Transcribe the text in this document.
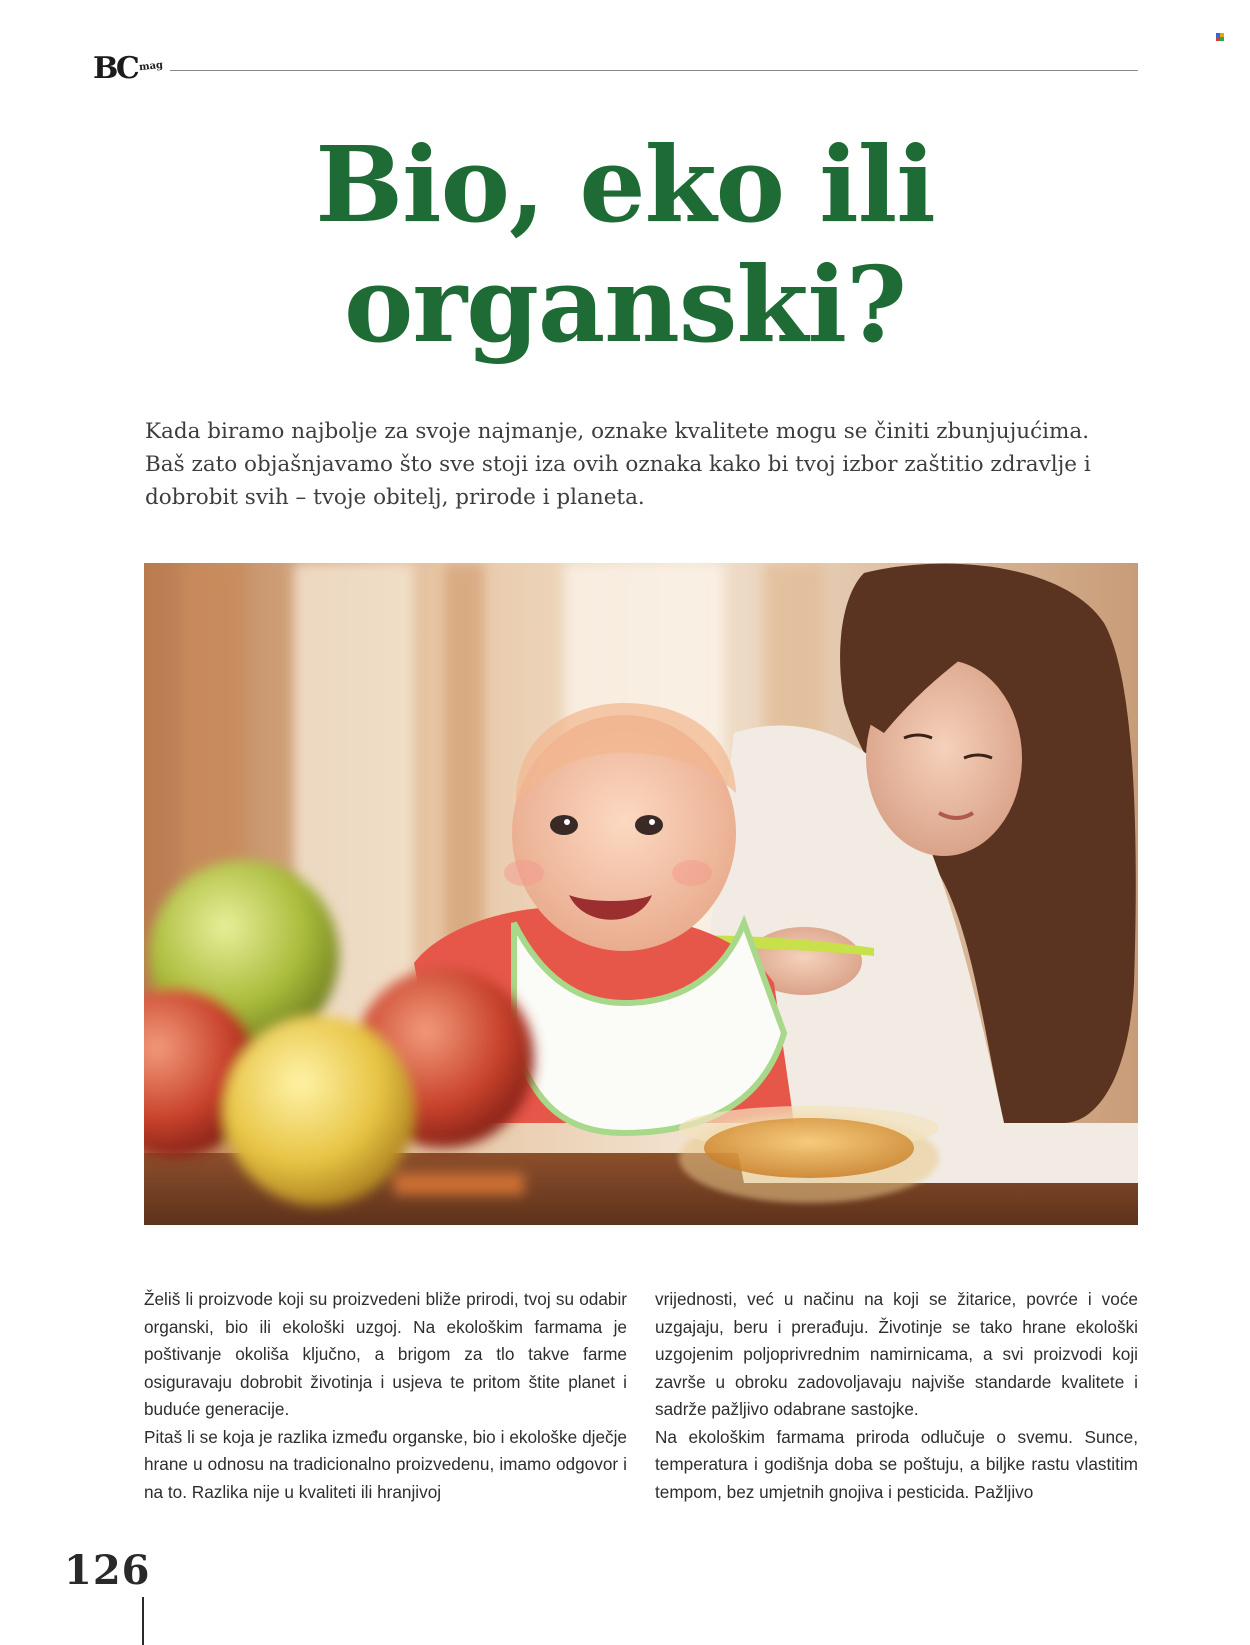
BC mag
Bio, eko ili
organski?

Kada biramo najbolje za svoje najmanje, oznake kvalitete mogu se činiti zbunjujućima. Baš zato objašnjavamo što sve stoji iza ovih oznaka kako bi tvoj izbor zaštitio zdravlje i dobrobit svih – tvoje obitelj, prirode i planeta.

Želiš li proizvode koji su proizvedeni bliže prirodi, tvoj su odabir organski, bio ili ekološki uzgoj. Na ekološkim farmama je poštivanje okoliša ključno, a brigom za tlo takve farme osiguravaju dobrobit životinja i usjeva te pritom štite planet i buduće generacije.

Pitaš li se koja je razlika između organske, bio i ekološke dječje hrane u odnosu na tradicionalno proizvedenu, imamo odgovor i na to. Razlika nije u kvaliteti ili hranjivoj

vrijednosti, već u načinu na koji se žitarice, povrće i voće uzgajaju, beru i prerađuju. Životinje se tako hrane ekološki uzgojenim poljoprivrednim namirnicama, a svi proizvodi koji završe u obroku zadovoljavaju najviše standarde kvalitete i sadrže pažljivo odabrane sastojke.

Na ekološkim farmama priroda odlučuje o svemu. Sunce, temperatura i godišnja doba se poštuju, a biljke rastu vlastitim tempom, bez umjetnih gnojiva i pesticida. Pažljivo

126
